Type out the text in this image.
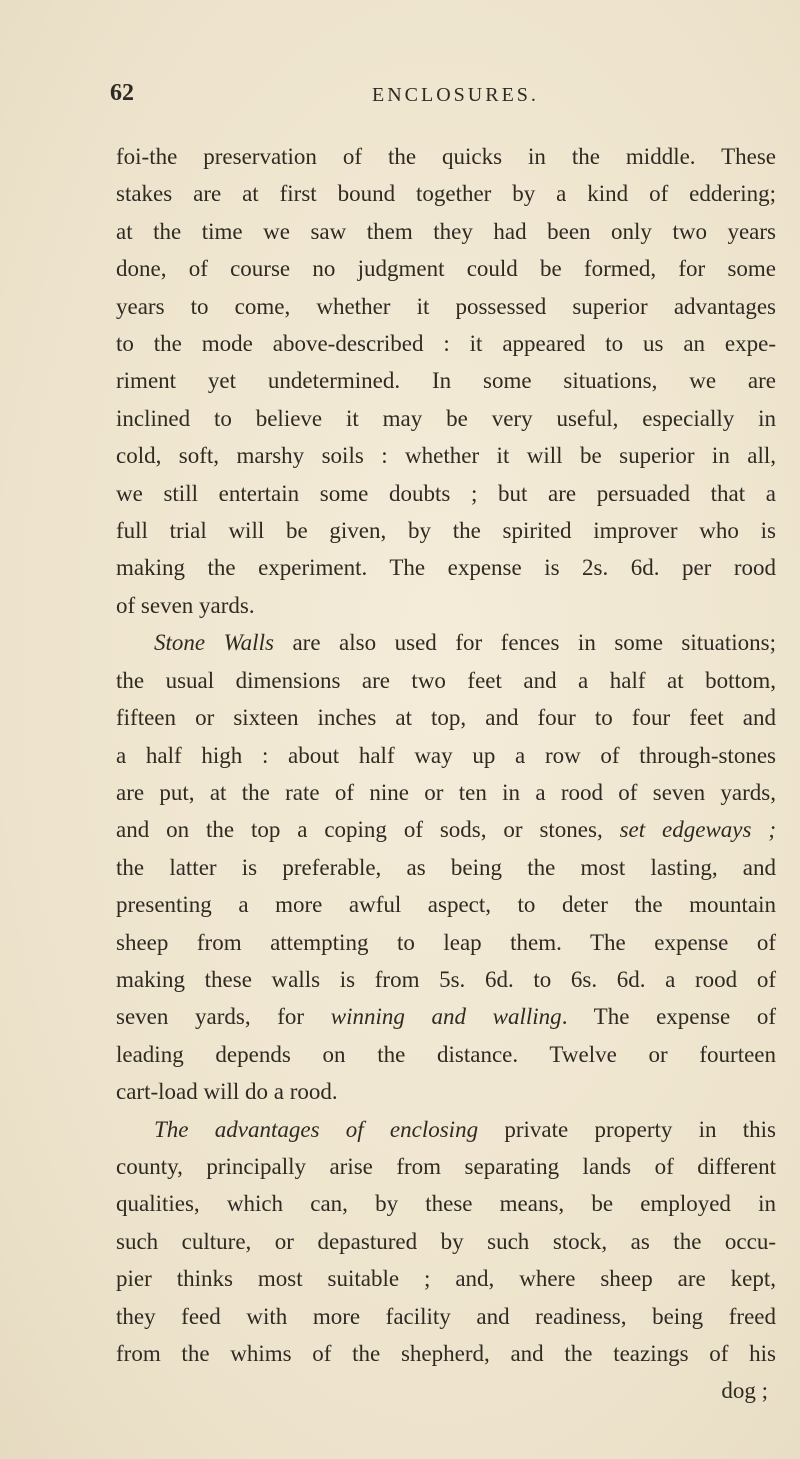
62	ENCLOSURES.
foi-the preservation of the quicks in the middle. These
stakes are at first bound together by a kind of eddering;
at the time we saw them they had been only two years
done, of course no judgment could be formed, for some
years to come, whether it possessed superior advantages
to the mode above-described : it appeared to us an expe-
riment yet undetermined. In some situations, we are
inclined to believe it may be very useful, especially in
cold, soft, marshy soils : whether it will be superior in all,
we still entertain some doubts ; but are persuaded that a
full trial will be given, by the spirited improver who is
making the experiment. The expense is 2s. 6d. per rood
of seven yards.
Stone Walls are also used for fences in some situations;
the usual dimensions are two feet and a half at bottom,
fifteen or sixteen inches at top, and four to four feet and
a half high : about half way up a row of through-stones
are put, at the rate of nine or ten in a rood of seven yards,
and on the top a coping of sods, or stones, set edgeways ;
the latter is preferable, as being the most lasting, and
presenting a more awful aspect, to deter the mountain
sheep from attempting to leap them. The expense of
making these walls is from 5s. 6d. to 6s. 6d. a rood of
seven yards, for winning and walling. The expense of
leading depends on the distance. Twelve or fourteen
cart-load will do a rood.
The advantages of enclosing private property in this
county, principally arise from separating lands of different
qualities, which can, by these means, be employed in
such culture, or depastured by such stock, as the occu-
pier thinks most suitable ; and, where sheep are kept,
they feed with more facility and readiness, being freed
from the whims of the shepherd, and the teazings of his
dog ;
